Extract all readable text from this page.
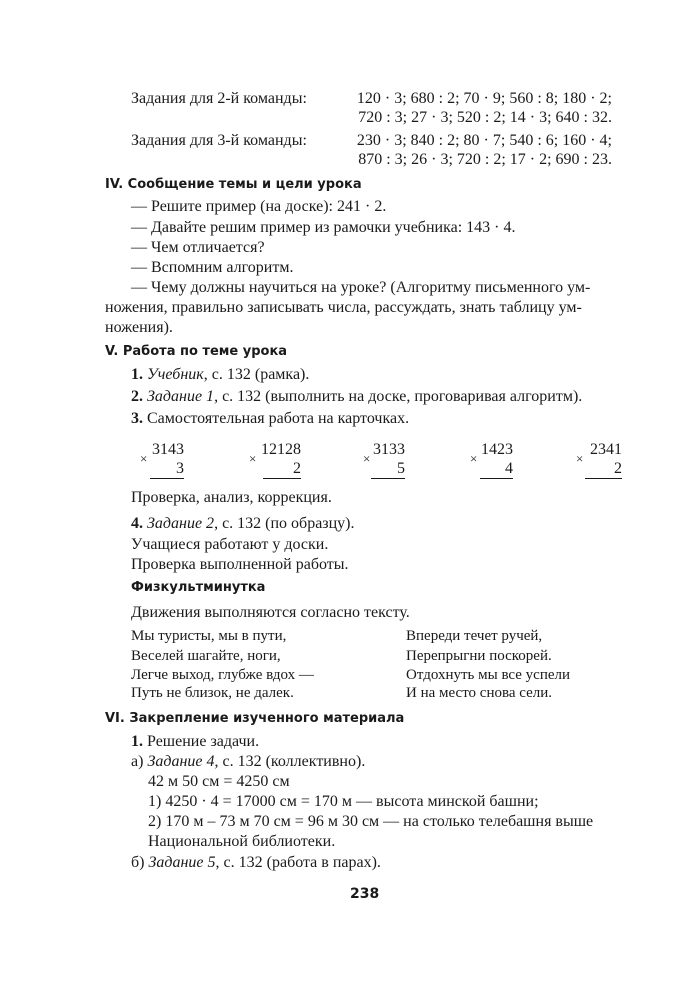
Задания для 2-й команды:	120 · 3; 680 : 2; 70 · 9; 560 : 8; 180 · 2;
720 : 3; 27 · 3; 520 : 2; 14 · 3; 640 : 32.
Задания для 3-й команды:	230 · 3; 840 : 2; 80 · 7; 540 : 6; 160 · 4;
870 : 3; 26 · 3; 720 : 2; 17 · 2; 690 : 23.
IV. Сообщение темы и цели урока
— Решите пример (на доске): 241 · 2.
— Давайте решим пример из рамочки учебника: 143 · 4.
— Чем отличается?
— Вспомним алгоритм.
— Чему должны научиться на уроке? (Алгоритму письменного ум-
ножения, правильно записывать числа, рассуждать, знать таблицу ум-
ножения).
V. Работа по теме урока
1. Учебник, с. 132 (рамка).
2. Задание 1, с. 132 (выполнить на доске, проговаривая алгоритм).
3. Самостоятельная работа на карточках.
×
3143
3
×
12128
2
×
3133
5
×
1423
4
×
2341
2
Проверка, анализ, коррекция.
4. Задание 2, с. 132 (по образцу).
Учащиеся работают у доски.
Проверка выполненной работы.
Физкультминутка
Движения выполняются согласно тексту.
Мы туристы, мы в пути,
Веселей шагайте, ноги,
Легче выход, глубже вдох —
Путь не близок, не далек.
Впереди течет ручей,
Перепрыгни поскорей.
Отдохнуть мы все успели
И на место снова сели.
VI. Закрепление изученного материала
1. Решение задачи.
а) Задание 4, с. 132 (коллективно).
42 м 50 см = 4250 см
1) 4250 · 4 = 17000 см = 170 м — высота минской башни;
2) 170 м – 73 м 70 см = 96 м 30 см — на столько телебашня выше
Национальной библиотеки.
б) Задание 5, с. 132 (работа в парах).
238
